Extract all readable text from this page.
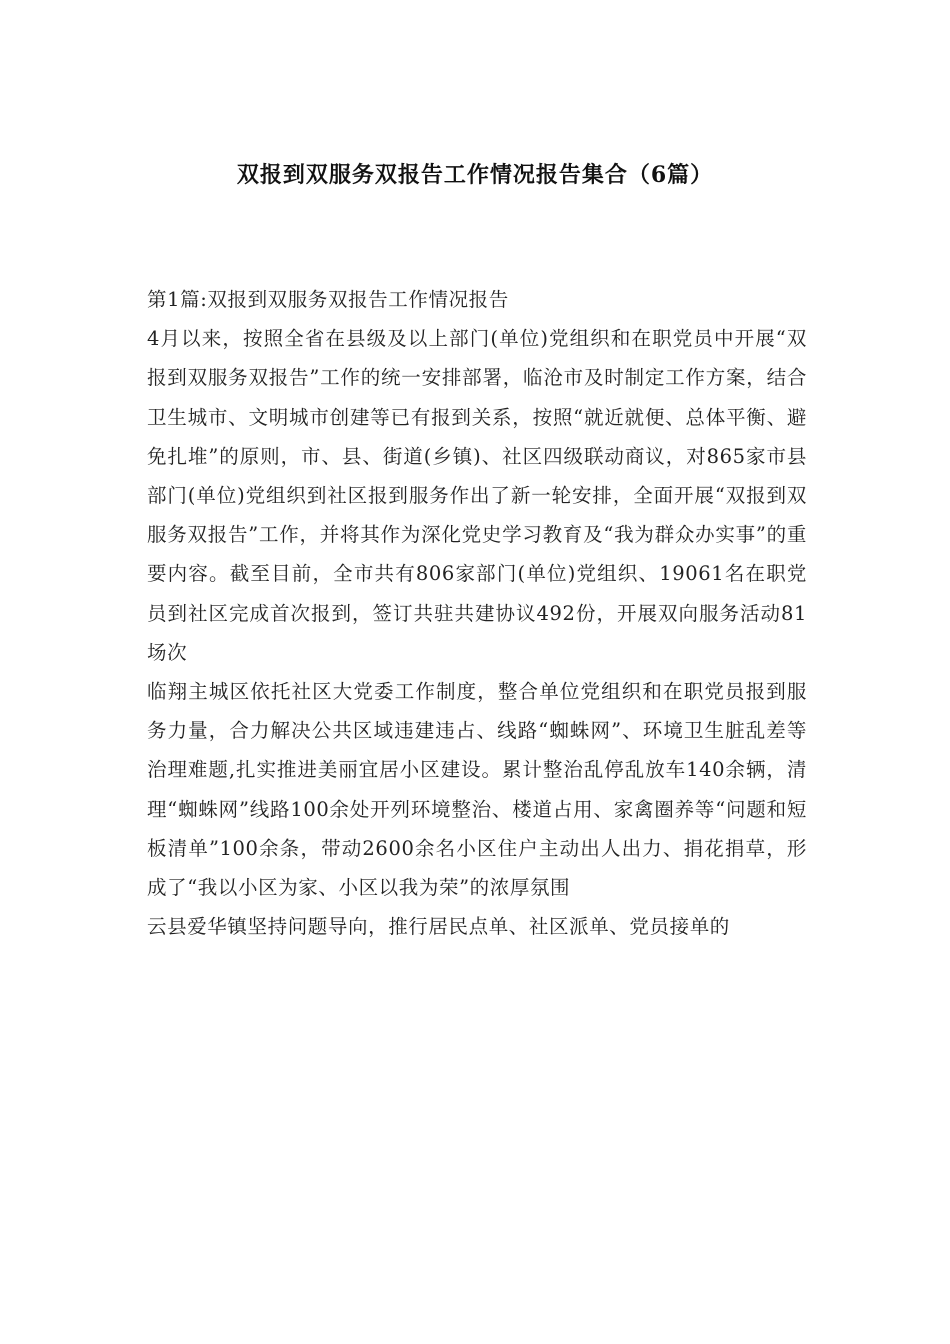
双报到双服务双报告工作情况报告集合（6篇）

第1篇:双报到双服务双报告工作情况报告

4月以来，按照全省在县级及以上部门(单位)党组织和在职党员中开展“双报到双服务双报告”工作的统一安排部署，临沧市及时制定工作方案，结合卫生城市、文明城市创建等已有报到关系，按照“就近就便、总体平衡、避免扎堆”的原则，市、县、街道(乡镇)、社区四级联动商议，对865家市县部门(单位)党组织到社区报到服务作出了新一轮安排，全面开展“双报到双服务双报告”工作，并将其作为深化党史学习教育及“我为群众办实事”的重要内容。截至目前，全市共有806家部门(单位)党组织、19061名在职党员到社区完成首次报到，签订共驻共建协议492份，开展双向服务活动81场次

临翔主城区依托社区大党委工作制度，整合单位党组织和在职党员报到服务力量，合力解决公共区域违建违占、线路“蜘蛛网”、环境卫生脏乱差等治理难题,扎实推进美丽宜居小区建设。累计整治乱停乱放车140余辆，清理“蜘蛛网”线路100余处开列环境整治、楼道占用、家禽圈养等“问题和短板清单”100余条，带动2600余名小区住户主动出人出力、捐花捐草，形成了“我以小区为家、小区以我为荣”的浓厚氛围

云县爱华镇坚持问题导向，推行居民点单、社区派单、党员接单的
